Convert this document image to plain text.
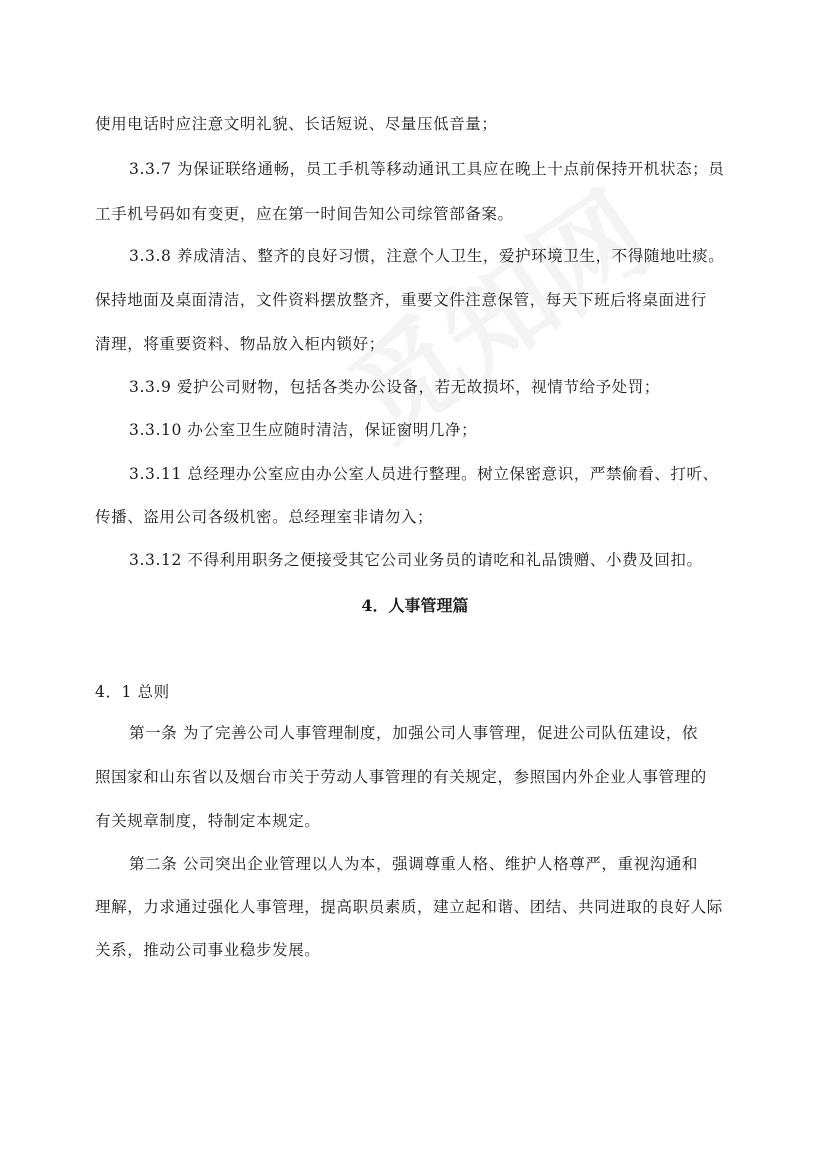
使用电话时应注意文明礼貌、长话短说、尽量压低音量；
3.3.7 为保证联络通畅，员工手机等移动通讯工具应在晚上十点前保持开机状态；员
工手机号码如有变更，应在第一时间告知公司综管部备案。
3.3.8 养成清洁、整齐的良好习惯，注意个人卫生，爱护环境卫生，不得随地吐痰。
保持地面及桌面清洁，文件资料摆放整齐，重要文件注意保管，每天下班后将桌面进行
清理，将重要资料、物品放入柜内锁好；
3.3.9 爱护公司财物，包括各类办公设备，若无故损坏，视情节给予处罚；
3.3.10 办公室卫生应随时清洁，保证窗明几净；
3.3.11 总经理办公室应由办公室人员进行整理。树立保密意识，严禁偷看、打听、
传播、盗用公司各级机密。总经理室非请勿入；
3.3.12 不得利用职务之便接受其它公司业务员的请吃和礼品馈赠、小费及回扣。
4．人事管理篇
4．1 总则
第一条 为了完善公司人事管理制度，加强公司人事管理，促进公司队伍建设，依
照国家和山东省以及烟台市关于劳动人事管理的有关规定，参照国内外企业人事管理的
有关规章制度，特制定本规定。
第二条 公司突出企业管理以人为本，强调尊重人格、维护人格尊严，重视沟通和
理解，力求通过强化人事管理，提高职员素质，建立起和谐、团结、共同进取的良好人际
关系，推动公司事业稳步发展。
